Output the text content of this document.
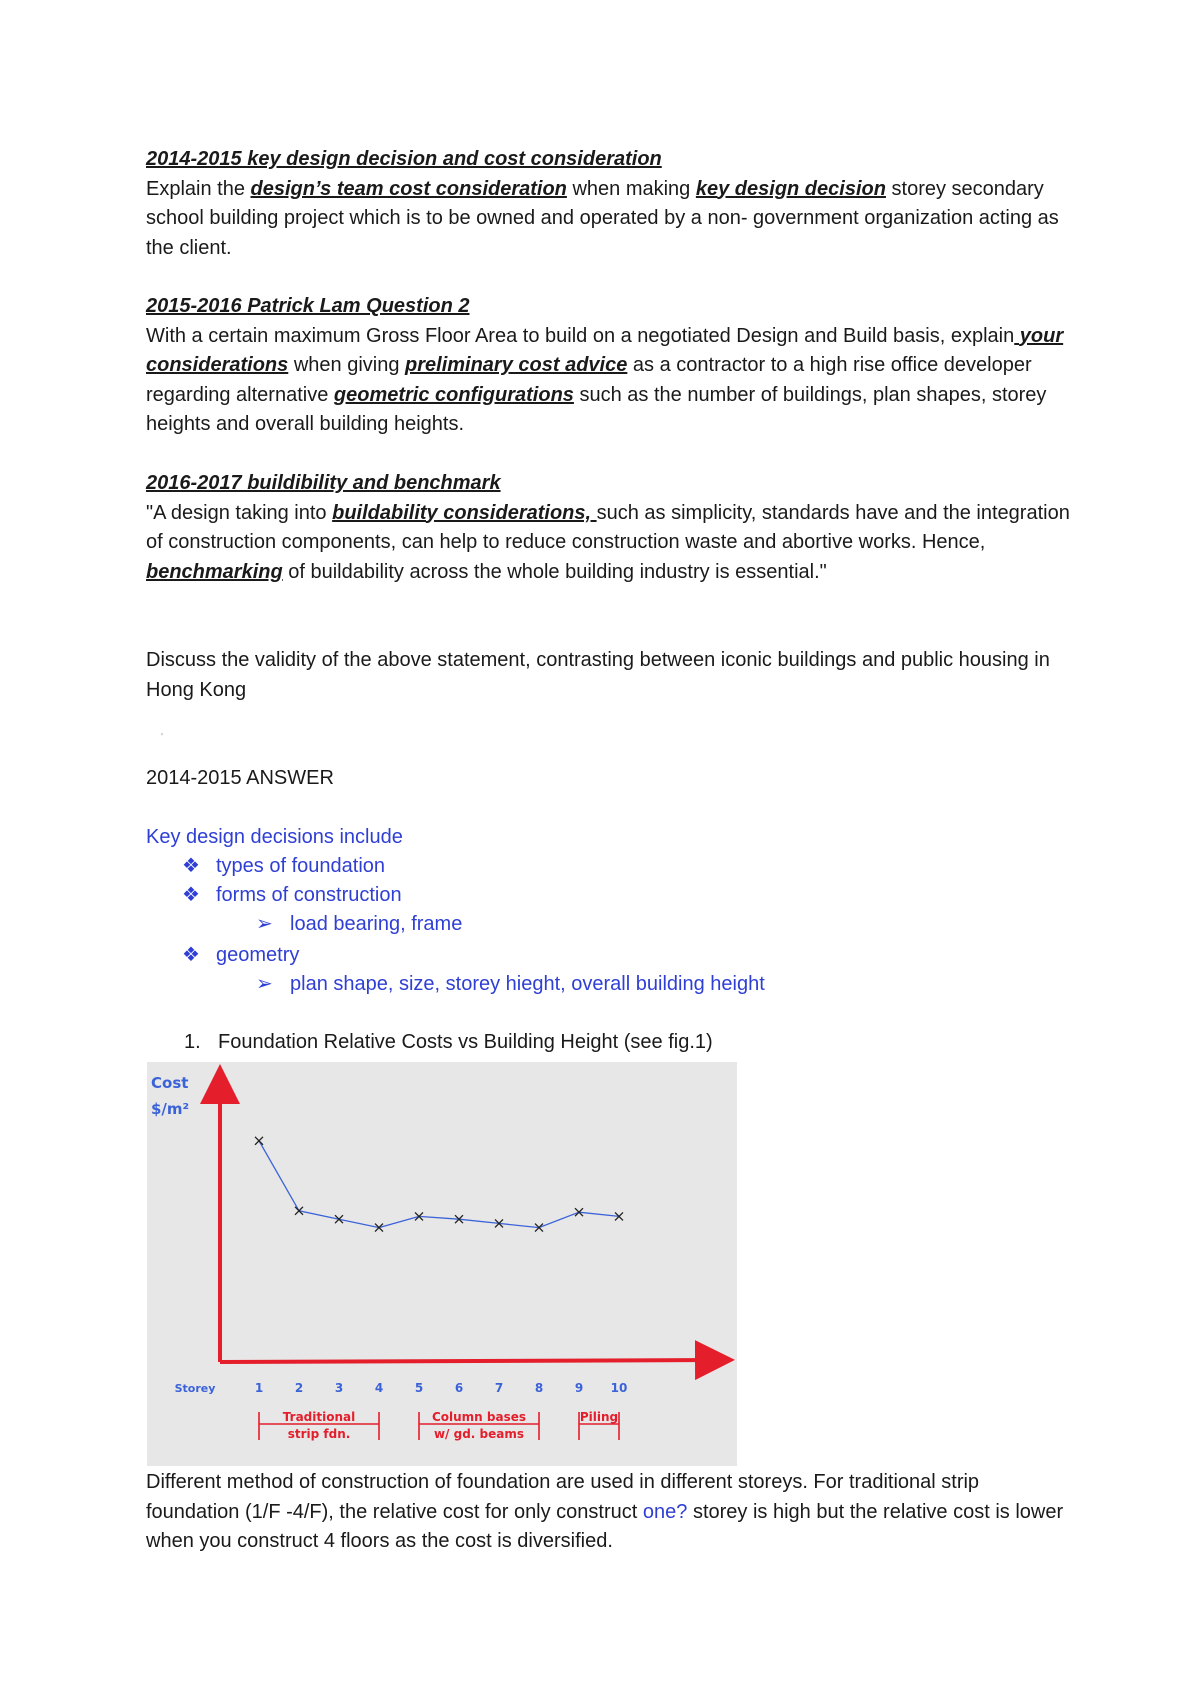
2014-2015 key design decision and cost consideration
Explain the design’s team cost consideration when making key design decision storey secondary school building project which is to be owned and operated by a non- government organization acting as the client.

2015-2016 Patrick Lam Question 2
With a certain maximum Gross Floor Area to build on a negotiated Design and Build basis, explain your considerations when giving preliminary cost advice as a contractor to a high rise office developer regarding alternative geometric configurations such as the number of buildings, plan shapes, storey heights and overall building heights.

2016-2017 buildibility and benchmark
"A design taking into buildability considerations, such as simplicity, standards have and the integration of construction components, can help to reduce construction waste and abortive works. Hence, benchmarking of buildability across the whole building industry is essential."

Discuss the validity of the above statement, contrasting between iconic buildings and public housing in Hong Kong

2014-2015 ANSWER

Key design decisions include

❖ types of foundation
❖ forms of construction
➢ load bearing, frame
❖ geometry
➢ plan shape, size, storey hieght, overall building height
1. Foundation Relative Costs vs Building Height (see fig.1)

Different method of construction of foundation are used in different storeys. For traditional strip foundation (1/F -4/F), the relative cost for only construct one? storey is high but the relative cost is lower when you construct 4 floors as the cost is diversified.

'
Cost
$/m²
Storey	1	2	3	4	5	6	7	8	9 10
Traditional
strip fdn.
Column bases
w/ gd. beams
Piling
